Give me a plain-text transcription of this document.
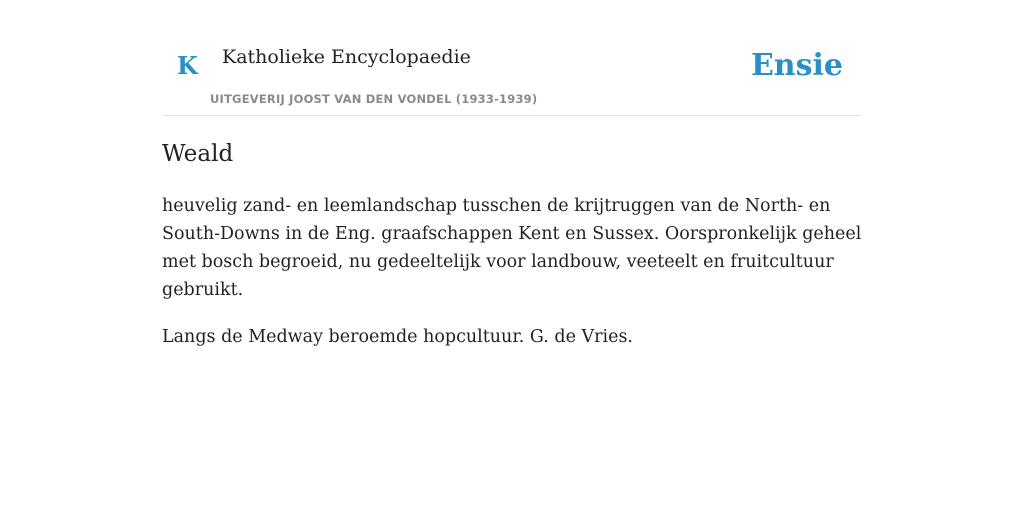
K Katholieke Encyclopaedie
UITGEVERIJ JOOST VAN DEN VONDEL (1933-1939)
Ensie
Weald

heuvelig zand- en leemlandschap tusschen de krijtruggen van de North- en South-Downs in de Eng. graafschappen Kent en Sussex. Oorspronkelijk geheel met bosch begroeid, nu gedeeltelijk voor landbouw, veeteelt en fruitcultuur gebruikt.

Langs de Medway beroemde hopcultuur. G. de Vries.
